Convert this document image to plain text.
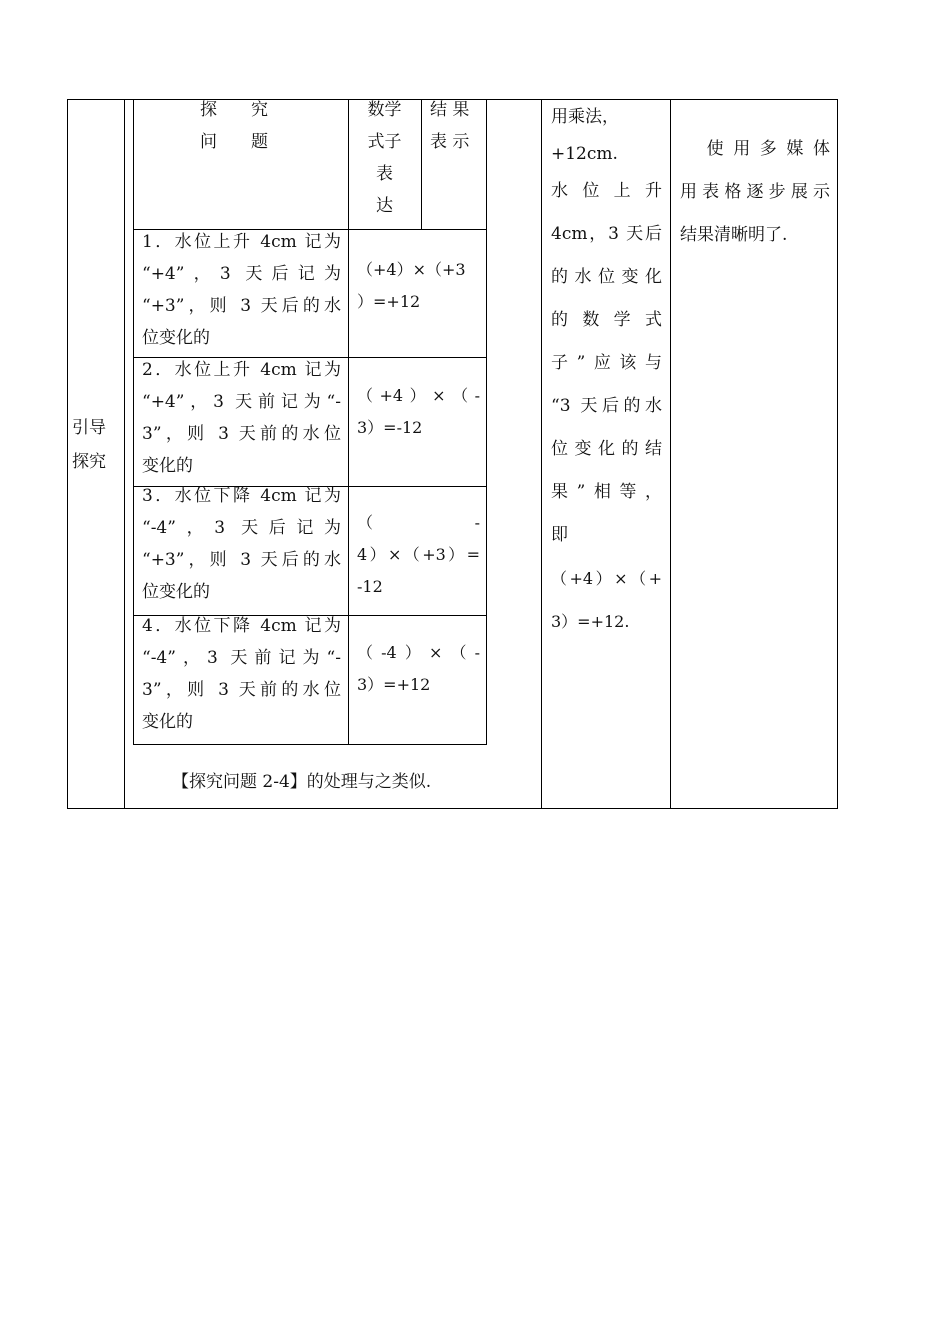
引导
探究
探　　究
问　　题
数学
式子
表
达
结 果
表 示
1．水位上升 4cm 记为
“+4”，3 天后记为
“+3”，则 3 天后的水
位变化的
（+4）×（+3
）=+12
2．水位上升 4cm 记为
“+4”，3 天前记为“-
3”，则 3 天前的水位
变化的
（+4）×（-
3）=-12
3．水位下降 4cm 记为
“-4”，3 天后记为
“+3”，则 3 天后的水
位变化的
（　　　　-
4）×（+3）=
-12
4．水位下降 4cm 记为
“-4”，3 天前记为“-
3”，则 3 天前的水位
变化的
（-4）×（-
3）=+12
【探究问题 2-4】的处理与之类似.
用乘法，
+12cm.
水 位 上 升
4cm，3 天后
的水位变化
的 数 学 式
子”应该与
“3 天后的水
位变化的结
果”相等，
即
（+4）×（+
3）=+12.
　使用多媒体
用表格逐步展示
结果清晰明了.
